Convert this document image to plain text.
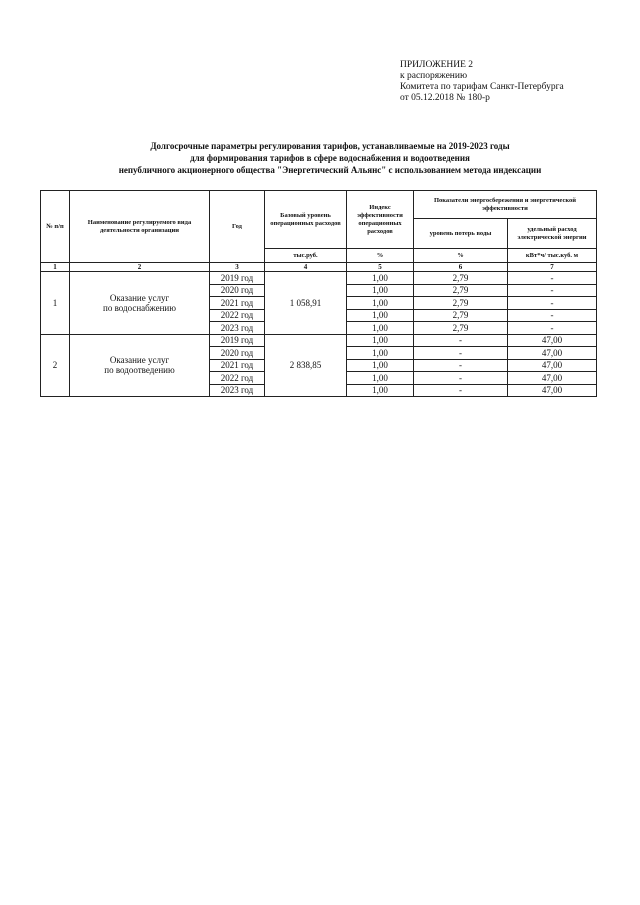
ПРИЛОЖЕНИЕ 2
к распоряжению
Комитета по тарифам Санкт-Петербурга
от 05.12.2018 № 180-р
Долгосрочные параметры регулирования тарифов, устанавливаемые на 2019-2023 годы
для формирования тарифов в сфере водоснабжения и водоотведения
непубличного акционерного общества "Энергетический Альянс" с использованием метода индексации
№ п/п	Наименование регулируемого вида деятельности организации	Год	Базовый уровень операционных расходов	Индекс эффективности операционных расходов	Показатели энергосбережения и энергетической эффективности	
					уровень потерь воды	удельный расход электрической энергии
			тыс.руб.	%	%	кВт*ч/ тыс.куб. м
1	2	3	4	5	6	7
1	Оказание услуг
по водоснабжению	2019 год	1 058,91	1,00	2,79	-
		2020 год		1,00	2,79	-
		2021 год		1,00	2,79	-
		2022 год		1,00	2,79	-
		2023 год		1,00	2,79	-
2	Оказание услуг
по водоотведению	2019 год	2 838,85	1,00	-	47,00
		2020 год		1,00	-	47,00
		2021 год		1,00	-	47,00
		2022 год		1,00	-	47,00
		2023 год		1,00	-	47,00
